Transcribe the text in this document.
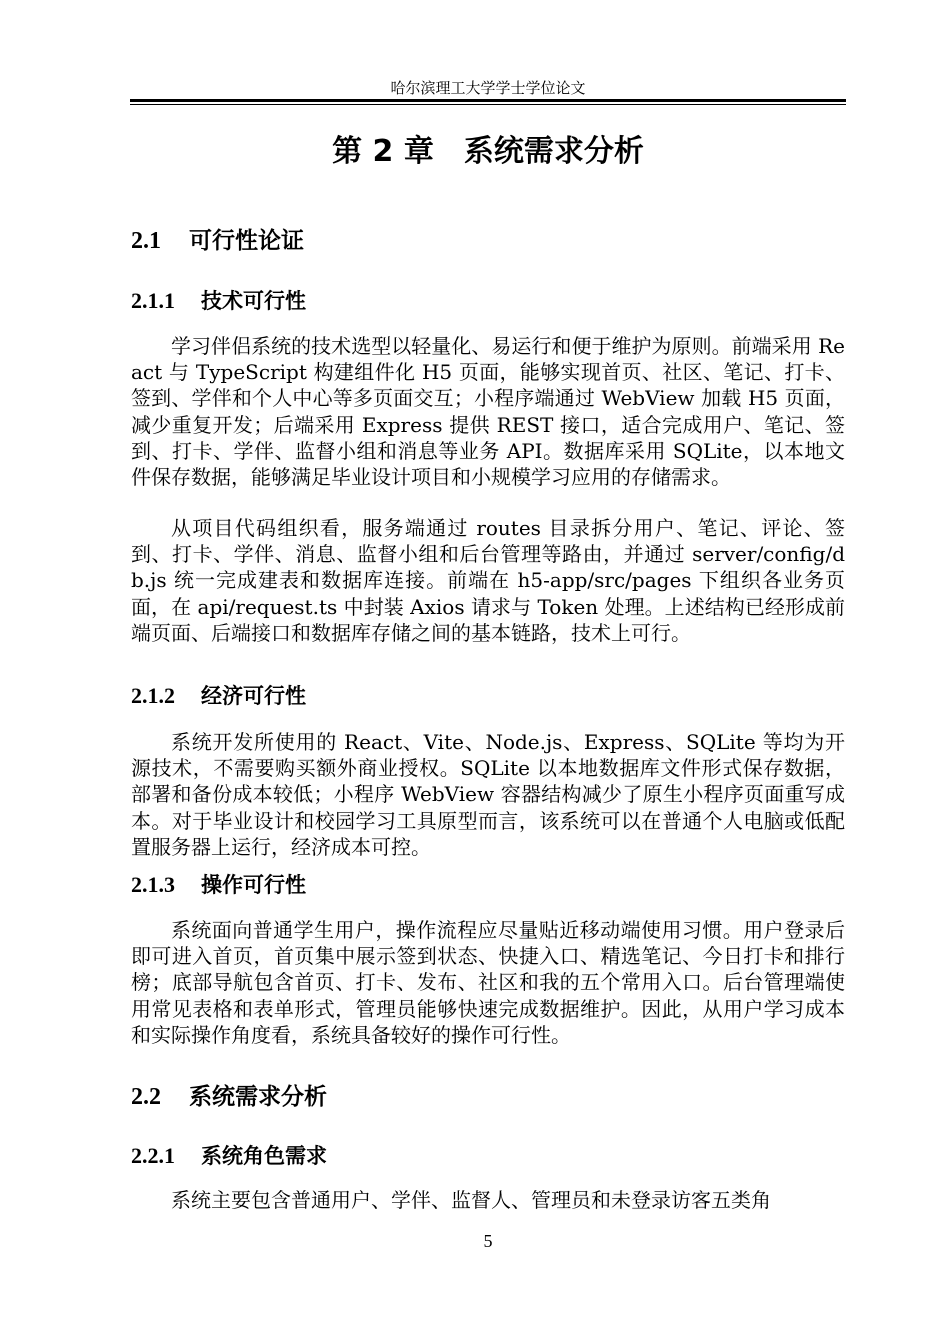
哈尔滨理工大学学士学位论文
第 2 章 系统需求分析
2.1 可行性论证
2.1.1 技术可行性

学习伴侣系统的技术选型以轻量化、易运行和便于维护为原则。前端采用 React 与 TypeScript 构建组件化 H5 页面，能够实现首页、社区、笔记、打卡、签到、学伴和个人中心等多页面交互；小程序端通过 WebView 加载 H5 页面，减少重复开发；后端采用 Express 提供 REST 接口，适合完成用户、笔记、签到、打卡、学伴、监督小组和消息等业务 API。数据库采用 SQLite，以本地文件保存数据，能够满足毕业设计项目和小规模学习应用的存储需求。

从项目代码组织看，服务端通过 routes 目录拆分用户、笔记、评论、签到、打卡、学伴、消息、监督小组和后台管理等路由，并通过 server/config/db.js 统一完成建表和数据库连接。前端在 h5-app/src/pages 下组织各业务页面，在 api/request.ts 中封装 Axios 请求与 Token 处理。上述结构已经形成前端页面、后端接口和数据库存储之间的基本链路，技术上可行。

2.1.2 经济可行性

系统开发所使用的 React、Vite、Node.js、Express、SQLite 等均为开源技术，不需要购买额外商业授权。SQLite 以本地数据库文件形式保存数据，部署和备份成本较低；小程序 WebView 容器结构减少了原生小程序页面重写成本。对于毕业设计和校园学习工具原型而言，该系统可以在普通个人电脑或低配置服务器上运行，经济成本可控。

2.1.3 操作可行性

系统面向普通学生用户，操作流程应尽量贴近移动端使用习惯。用户登录后即可进入首页，首页集中展示签到状态、快捷入口、精选笔记、今日打卡和排行榜；底部导航包含首页、打卡、发布、社区和我的五个常用入口。后台管理端使用常见表格和表单形式，管理员能够快速完成数据维护。因此，从用户学习成本和实际操作角度看，系统具备较好的操作可行性。

2.2 系统需求分析
2.2.1 系统角色需求

系统主要包含普通用户、学伴、监督人、管理员和未登录访客五类角

5
